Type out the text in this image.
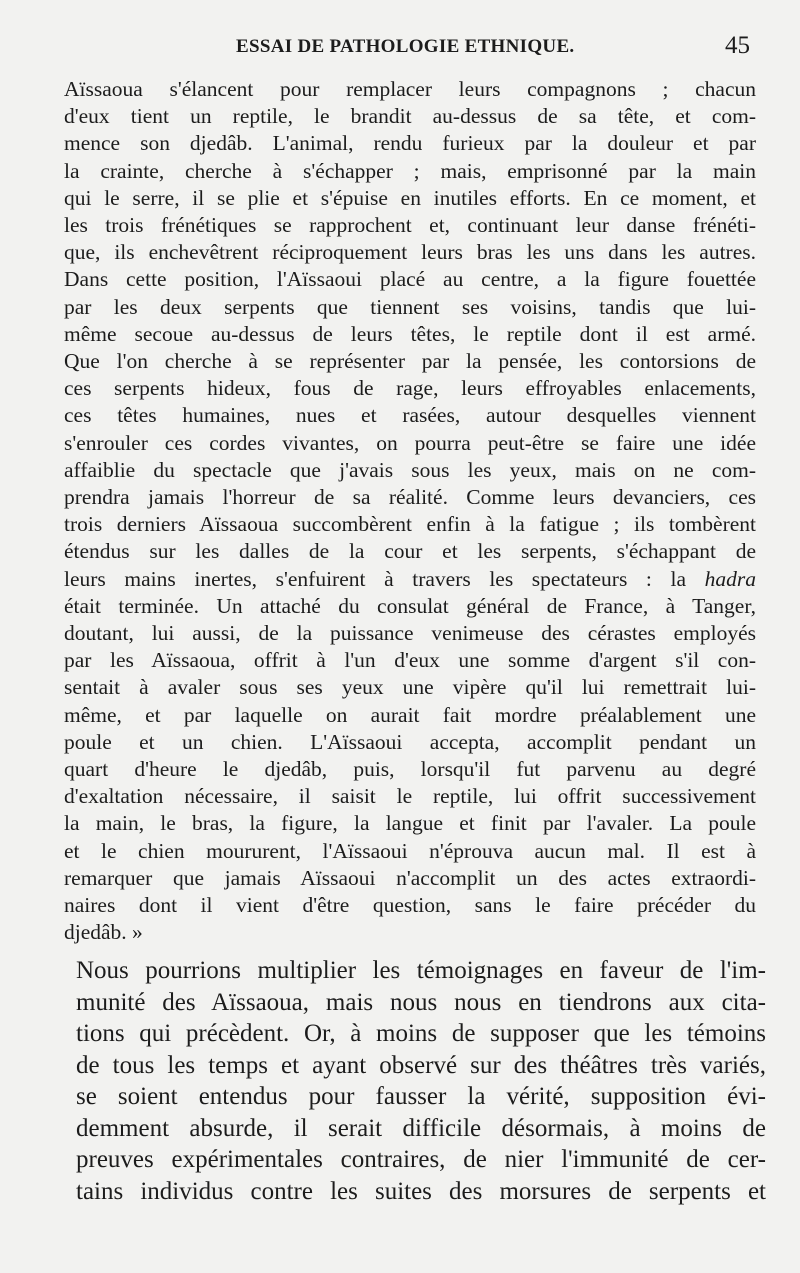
ESSAI DE PATHOLOGIE ETHNIQUE.	45

Aïssaoua s'élancent pour remplacer leurs compagnons ; chacun
d'eux tient un reptile, le brandit au-dessus de sa tête, et com-
mence son djedâb. L'animal, rendu furieux par la douleur et par
la crainte, cherche à s'échapper ; mais, emprisonné par la main
qui le serre, il se plie et s'épuise en inutiles efforts. En ce moment, et
les trois frénétiques se rapprochent et, continuant leur danse frénéti-
que, ils enchevêtrent réciproquement leurs bras les uns dans les autres.
Dans cette position, l'Aïssaoui placé au centre, a la figure fouettée
par les deux serpents que tiennent ses voisins, tandis que lui-
même secoue au-dessus de leurs têtes, le reptile dont il est armé.
Que l'on cherche à se représenter par la pensée, les contorsions de
ces serpents hideux, fous de rage, leurs effroyables enlacements,
ces têtes humaines, nues et rasées, autour desquelles viennent
s'enrouler ces cordes vivantes, on pourra peut-être se faire une idée
affaiblie du spectacle que j'avais sous les yeux, mais on ne com-
prendra jamais l'horreur de sa réalité. Comme leurs devanciers, ces
trois derniers Aïssaoua succombèrent enfin à la fatigue ; ils tombèrent
étendus sur les dalles de la cour et les serpents, s'échappant de
leurs mains inertes, s'enfuirent à travers les spectateurs : la hadra
était terminée. Un attaché du consulat général de France, à Tanger,
doutant, lui aussi, de la puissance venimeuse des cérastes employés
par les Aïssaoua, offrit à l'un d'eux une somme d'argent s'il con-
sentait à avaler sous ses yeux une vipère qu'il lui remettrait lui-
même, et par laquelle on aurait fait mordre préalablement une
poule et un chien. L'Aïssaoui accepta, accomplit pendant un
quart d'heure le djedâb, puis, lorsqu'il fut parvenu au degré
d'exaltation nécessaire, il saisit le reptile, lui offrit successivement
la main, le bras, la figure, la langue et finit par l'avaler. La poule
et le chien moururent, l'Aïssaoui n'éprouva aucun mal. Il est à
remarquer que jamais Aïssaoui n'accomplit un des actes extraordi-
naires dont il vient d'être question, sans le faire précéder du
djedâb. »

Nous pourrions multiplier les témoignages en faveur de l'im-
munité des Aïssaoua, mais nous nous en tiendrons aux cita-
tions qui précèdent. Or, à moins de supposer que les témoins
de tous les temps et ayant observé sur des théâtres très variés,
se soient entendus pour fausser la vérité, supposition évi-
demment absurde, il serait difficile désormais, à moins de
preuves expérimentales contraires, de nier l'immunité de cer-
tains individus contre les suites des morsures de serpents et
